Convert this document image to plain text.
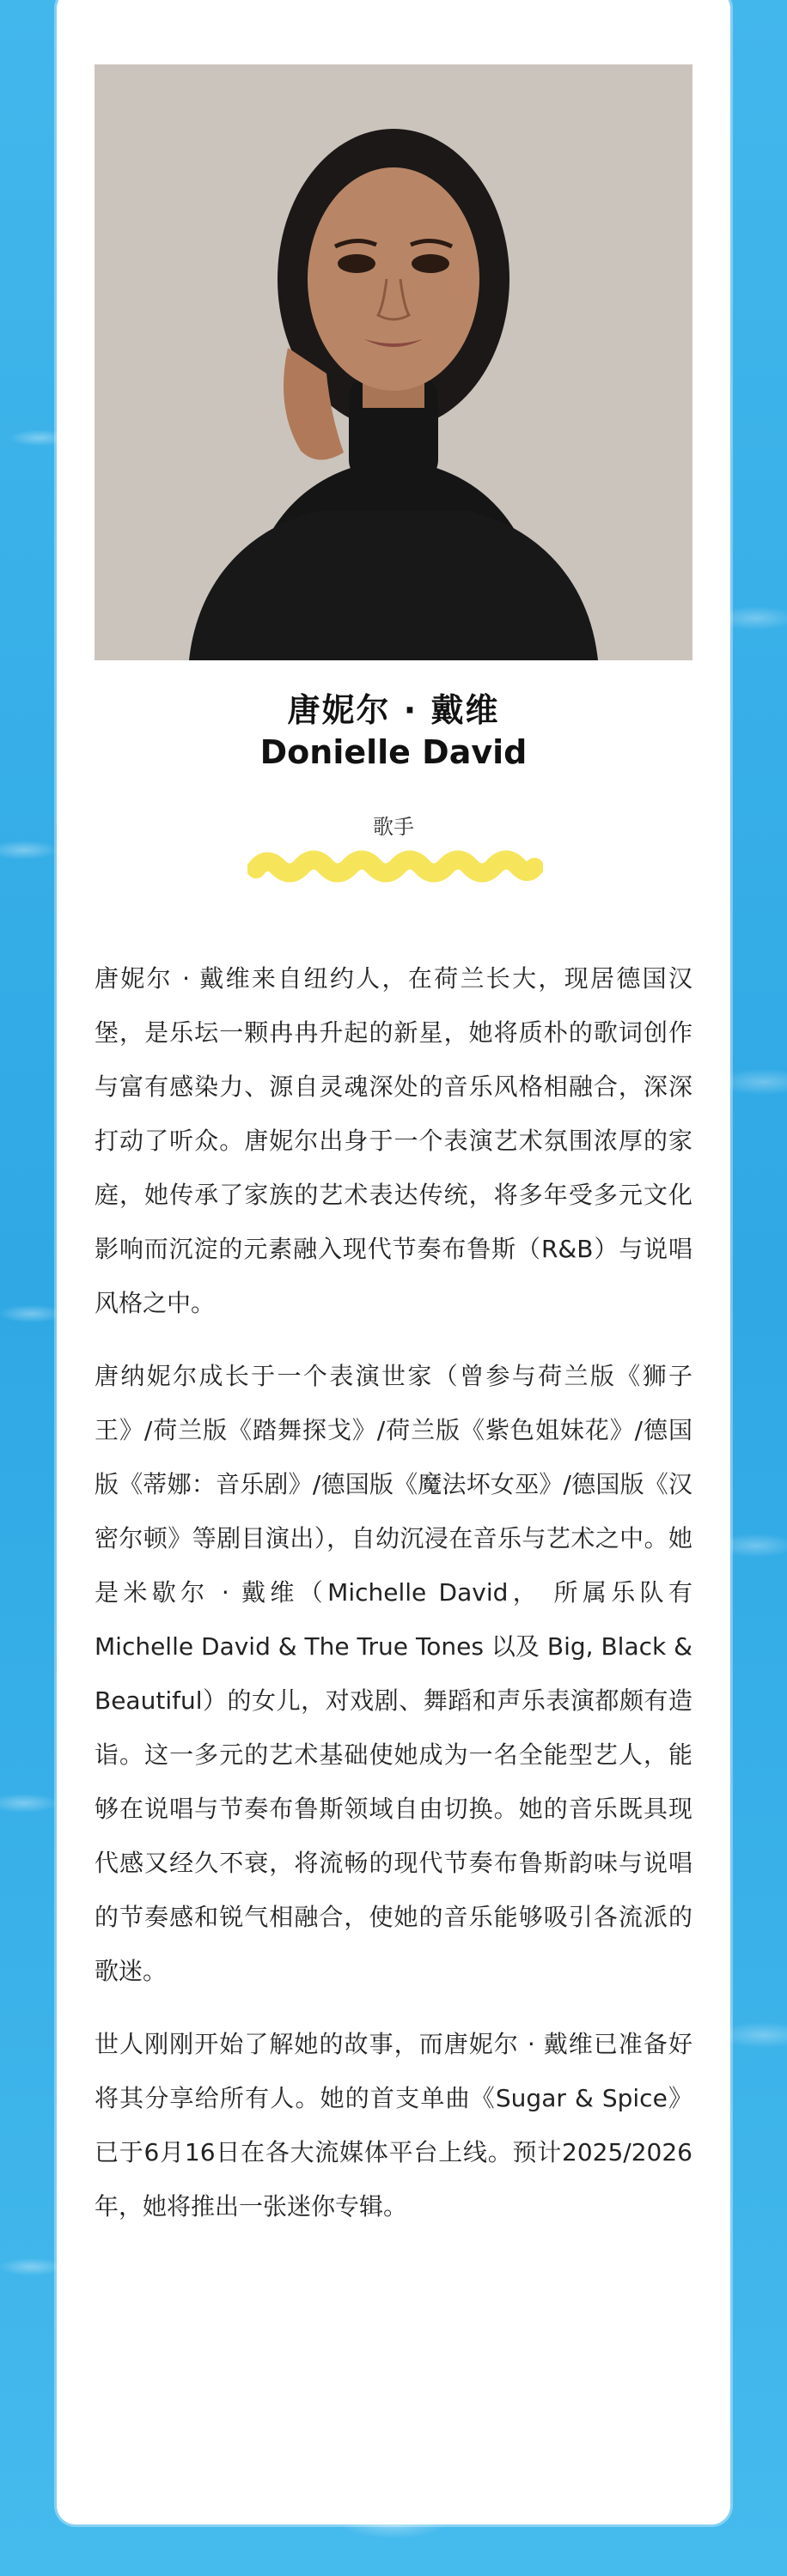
唐妮尔 · 戴维
Donielle David
歌手

唐妮尔 · 戴维来自纽约人，在荷兰长大，现居德国汉堡，是乐坛一颗冉冉升起的新星，她将质朴的歌词创作与富有感染力、源自灵魂深处的音乐风格相融合，深深打动了听众。唐妮尔出身于一个表演艺术氛围浓厚的家庭，她传承了家族的艺术表达传统，将多年受多元文化影响而沉淀的元素融入现代节奏布鲁斯（R&B）与说唱风格之中。

唐纳妮尔成长于一个表演世家（曾参与荷兰版《狮子王》/荷兰版《踏舞探戈》/荷兰版《紫色姐妹花》/德国版《蒂娜：音乐剧》/德国版《魔法坏女巫》/德国版《汉密尔顿》等剧目演出），自幼沉浸在音乐与艺术之中。她是米歇尔 · 戴维（Michelle David， 所属乐队有 Michelle David & The True Tones 以及 Big, Black & Beautiful）的女儿，对戏剧、舞蹈和声乐表演都颇有造诣。这一多元的艺术基础使她成为一名全能型艺人，能够在说唱与节奏布鲁斯领域自由切换。她的音乐既具现代感又经久不衰，将流畅的现代节奏布鲁斯韵味与说唱的节奏感和锐气相融合，使她的音乐能够吸引各流派的歌迷。

世人刚刚开始了解她的故事，而唐妮尔 · 戴维已准备好将其分享给所有人。她的首支单曲《Sugar & Spice》已于6月16日在各大流媒体平台上线。预计2025/2026年，她将推出一张迷你专辑。
